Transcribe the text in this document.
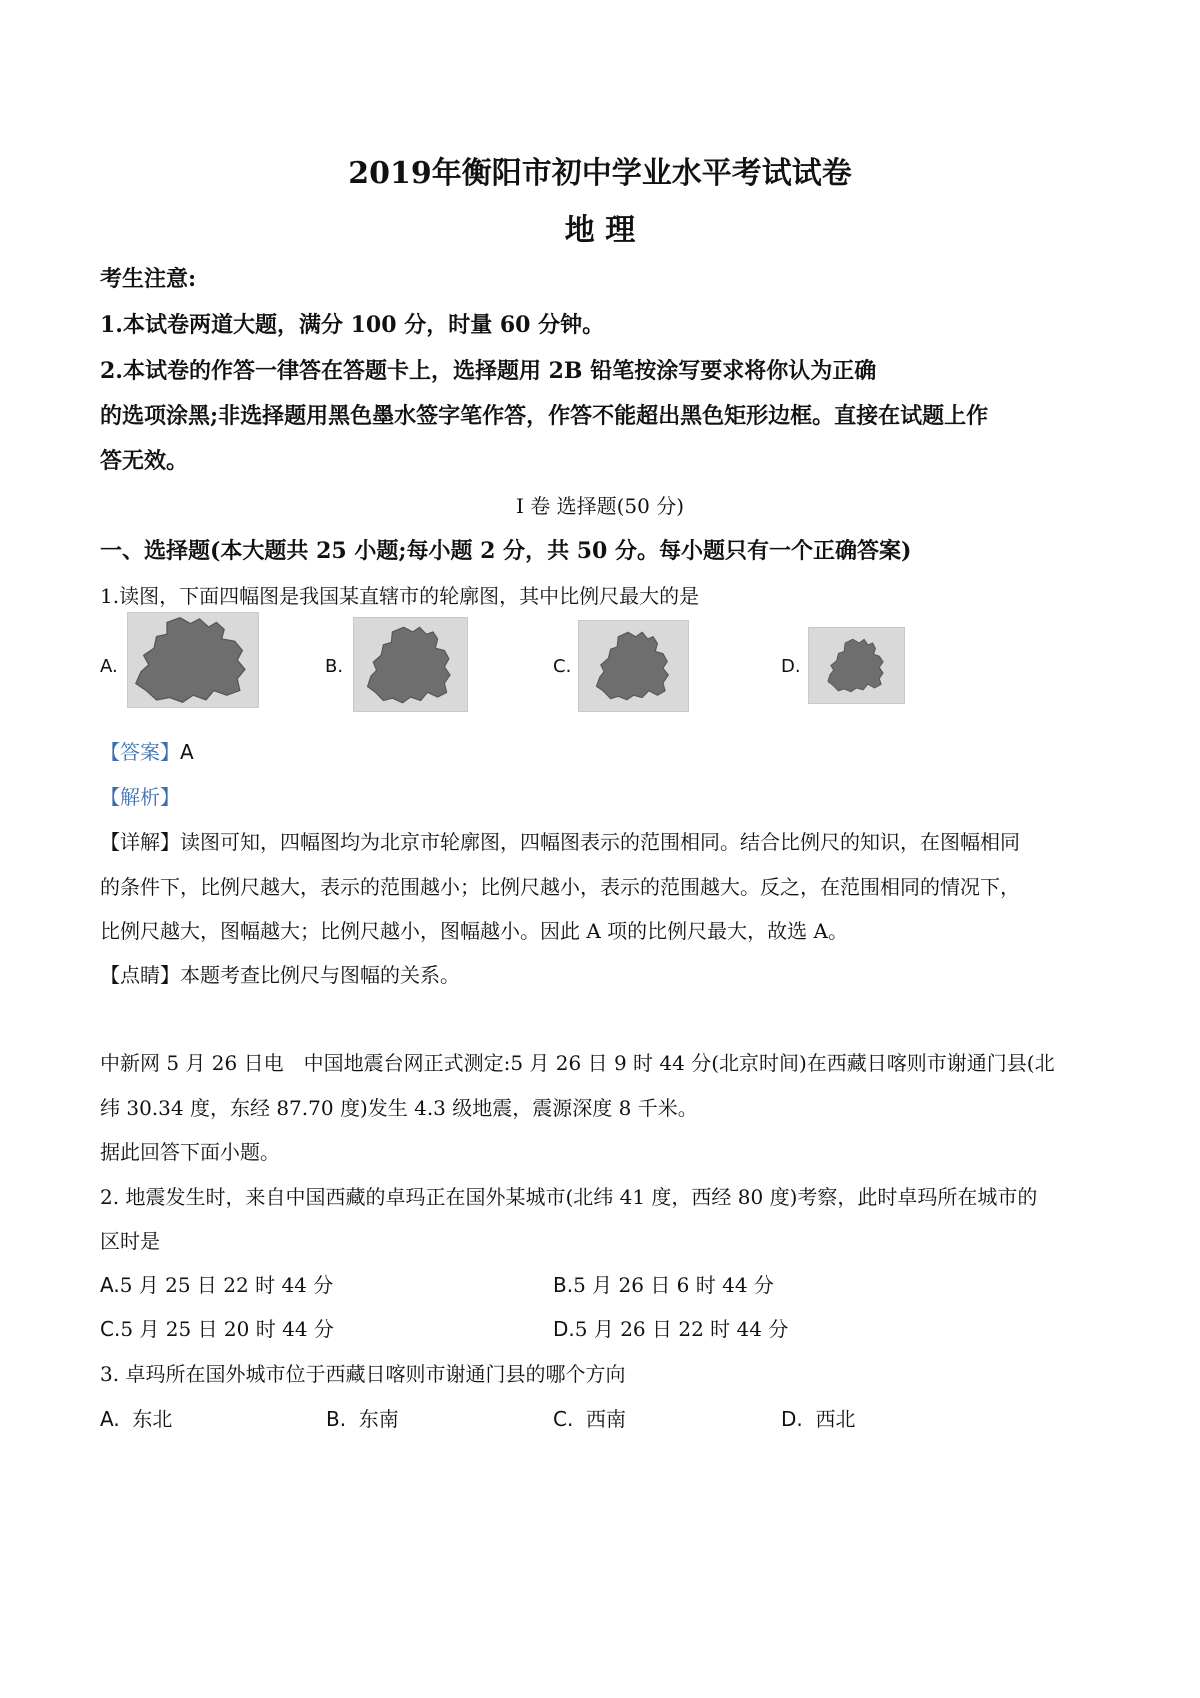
2019年衡阳市初中学业水平考试试卷
地 理
考生注意:
1.本试卷两道大题，满分 100 分，时量 60 分钟。
2.本试卷的作答一律答在答题卡上，选择题用 2B 铅笔按涂写要求将你认为正确
的选项涂黑;非选择题用黑色墨水签字笔作答，作答不能超出黑色矩形边框。直接在试题上作
答无效。
I 卷 选择题(50 分)
一、选择题(本大题共 25 小题;每小题 2 分，共 50 分。每小题只有一个正确答案)
1.读图，下面四幅图是我国某直辖市的轮廓图，其中比例尺最大的是
A.	B.	C.	D.
【答案】A
【解析】
【详解】读图可知，四幅图均为北京市轮廓图，四幅图表示的范围相同。结合比例尺的知识，在图幅相同
的条件下，比例尺越大，表示的范围越小；比例尺越小，表示的范围越大。反之，在范围相同的情况下，
比例尺越大，图幅越大；比例尺越小，图幅越小。因此 A 项的比例尺最大，故选 A。
【点睛】本题考查比例尺与图幅的关系。
中新网 5 月 26 日电　中国地震台网正式测定:5 月 26 日 9 时 44 分(北京时间)在西藏日喀则市谢通门县(北
纬 30.34 度，东经 87.70 度)发生 4.3 级地震，震源深度 8 千米。
据此回答下面小题。
2. 地震发生时，来自中国西藏的卓玛正在国外某城市(北纬 41 度，西经 80 度)考察，此时卓玛所在城市的
区时是
A.5 月 25 日 22 时 44 分	B.5 月 26 日 6 时 44 分
C.5 月 25 日 20 时 44 分	D.5 月 26 日 22 时 44 分
3. 卓玛所在国外城市位于西藏日喀则市谢通门县的哪个方向
A. 东北	B. 东南	C. 西南	D. 西北
